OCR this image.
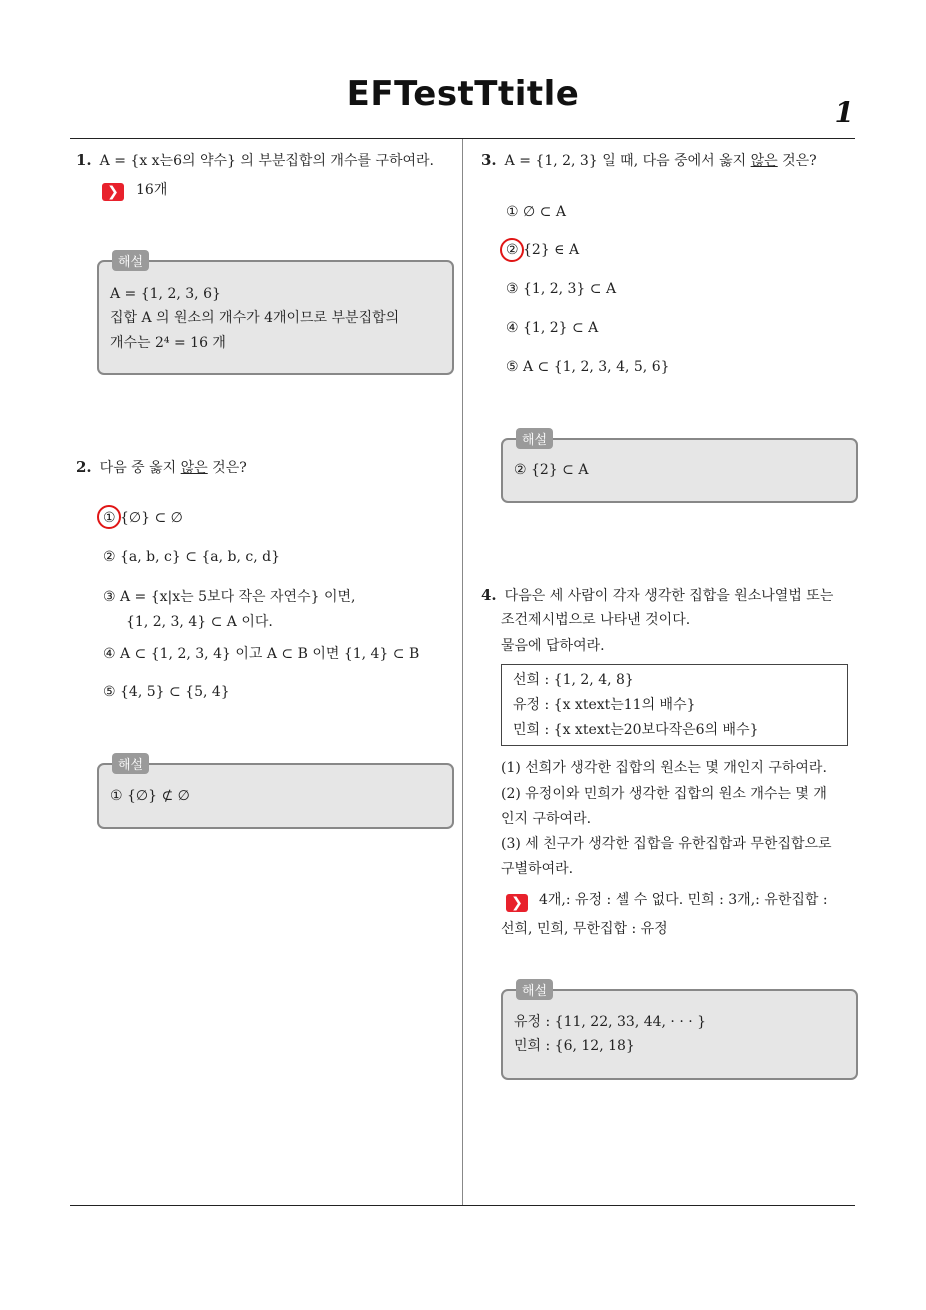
EFTestTtitle	1
1. A = {x x는6의 약수} 의 부분집합의 개수를 구하여라.
❯	16개
해설
A = {1, 2, 3, 6}
집합 A 의 원소의 개수가 4개이므로 부분집합의
개수는 2⁴ = 16 개
2. 다음 중 옳지 않은 것은?
① {∅} ⊂ ∅
② {a, b, c} ⊂ {a, b, c, d}
③ A = {x|x는 5보다 작은 자연수} 이면,
{1, 2, 3, 4} ⊂ A 이다.
④ A ⊂ {1, 2, 3, 4} 이고 A ⊂ B 이면 {1, 4} ⊂ B
⑤ {4, 5} ⊂ {5, 4}
해설
① {∅} ⊄ ∅
3. A = {1, 2, 3} 일 때, 다음 중에서 옳지 않은 것은?
① ∅ ⊂ A
② {2} ∈ A
③ {1, 2, 3} ⊂ A
④ {1, 2} ⊂ A
⑤ A ⊂ {1, 2, 3, 4, 5, 6}
해설
② {2} ⊂ A
4. 다음은 세 사람이 각자 생각한 집합을 원소나열법 또는
조건제시법으로 나타낸 것이다.
물음에 답하여라.
선희 : {1, 2, 4, 8}
유정 : {x xtext는11의 배수}
민희 : {x xtext는20보다작은6의 배수}
(1) 선희가 생각한 집합의 원소는 몇 개인지 구하여라.
(2) 유정이와 민희가 생각한 집합의 원소 개수는 몇 개
인지 구하여라.
(3) 세 친구가 생각한 집합을 유한집합과 무한집합으로
구별하여라.
❯	4개,: 유정 : 셀 수 없다. 민희 : 3개,: 유한집합 :
선희, 민희, 무한집합 : 유정
해설
유정 : {11, 22, 33, 44, · · · }
민희 : {6, 12, 18}
